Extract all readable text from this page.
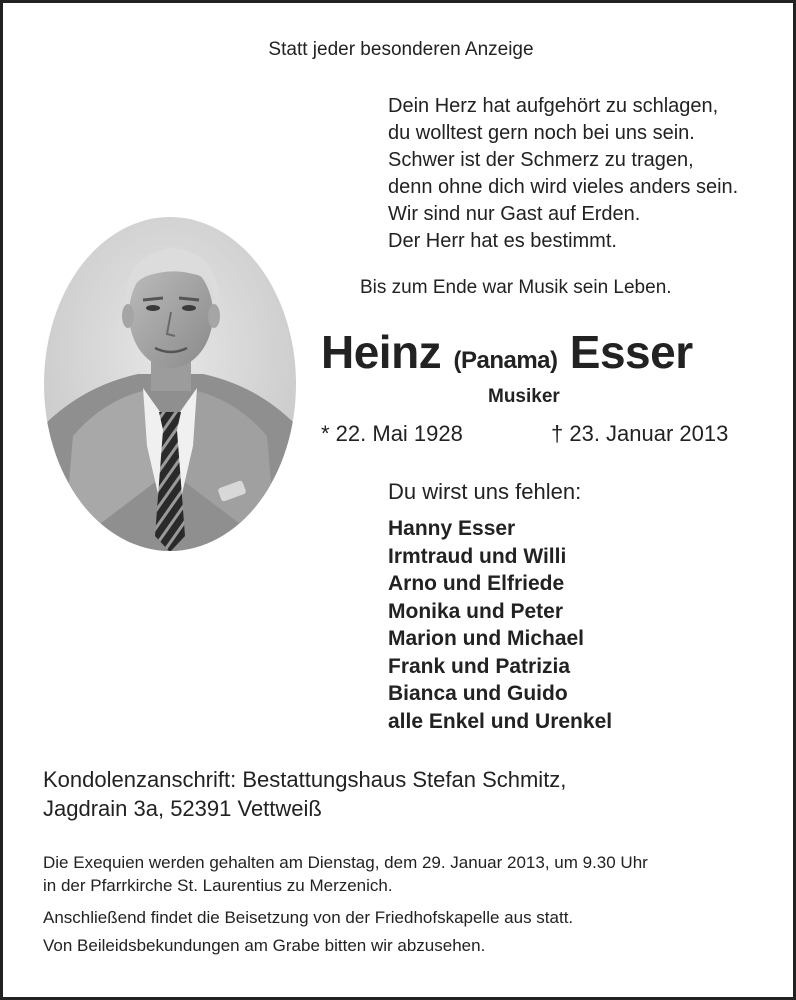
Statt jeder besonderen Anzeige
Dein Herz hat aufgehört zu schlagen,
du wolltest gern noch bei uns sein.
Schwer ist der Schmerz zu tragen,
denn ohne dich wird vieles anders sein.
Wir sind nur Gast auf Erden.
Der Herr hat es bestimmt.
Bis zum Ende war Musik sein Leben.
Heinz (Panama) Esser
Musiker
* 22. Mai 1928	† 23. Januar 2013
Du wirst uns fehlen:
Hanny Esser
Irmtraud und Willi
Arno und Elfriede
Monika und Peter
Marion und Michael
Frank und Patrizia
Bianca und Guido
alle Enkel und Urenkel
Kondolenzanschrift: Bestattungshaus Stefan Schmitz,
Jagdrain 3a, 52391 Vettweiß
Die Exequien werden gehalten am Dienstag, dem 29. Januar 2013, um 9.30 Uhr
in der Pfarrkirche St. Laurentius zu Merzenich.
Anschließend findet die Beisetzung von der Friedhofskapelle aus statt.
Von Beileidsbekundungen am Grabe bitten wir abzusehen.
